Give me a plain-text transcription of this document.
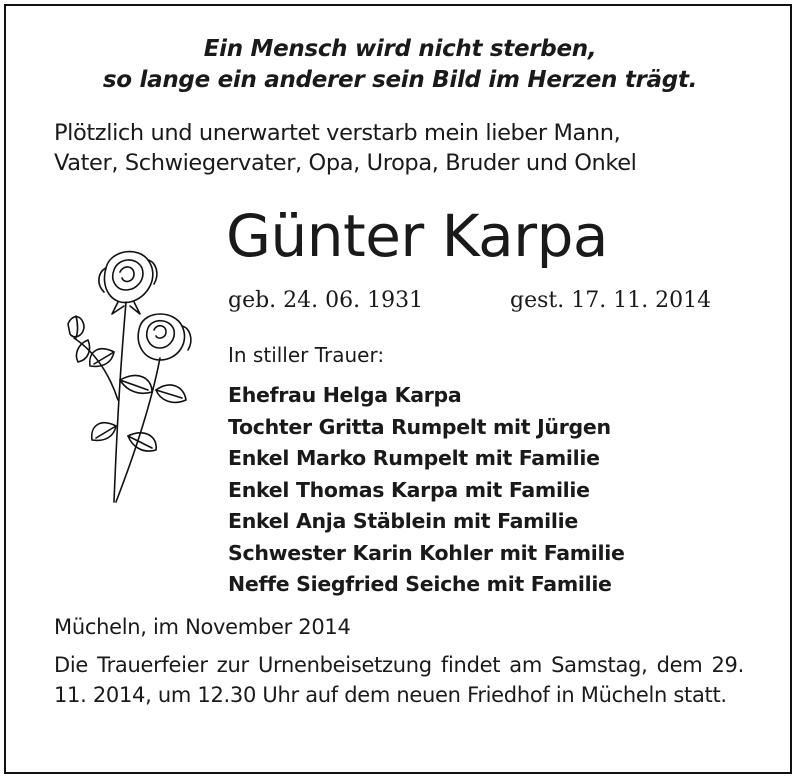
Ein Mensch wird nicht sterben,
so lange ein anderer sein Bild im Herzen trägt.
Plötzlich und unerwartet verstarb mein lieber Mann,
Vater, Schwiegervater, Opa, Uropa, Bruder und Onkel
Günter Karpa
geb. 24. 06. 1931	gest. 17. 11. 2014
In stiller Trauer:
Ehefrau Helga Karpa
Tochter Gritta Rumpelt mit Jürgen
Enkel Marko Rumpelt mit Familie
Enkel Thomas Karpa mit Familie
Enkel Anja Stäblein mit Familie
Schwester Karin Kohler mit Familie
Neffe Siegfried Seiche mit Familie
Mücheln, im November 2014
Die Trauerfeier zur Urnenbeisetzung findet am Samstag, dem 29. 11. 2014, um 12.30 Uhr auf dem neuen Friedhof in Mücheln statt.
